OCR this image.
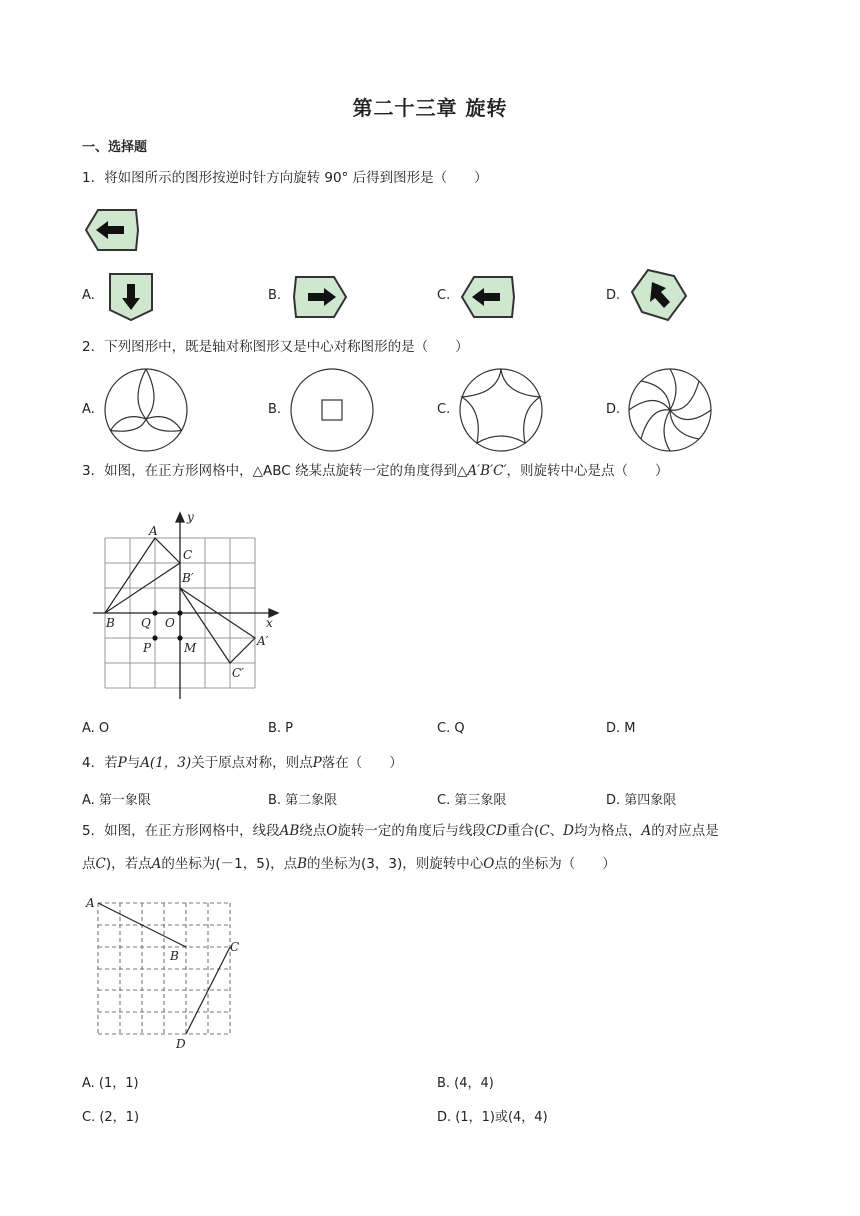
第二十三章 旋转
一、选择题
1．将如图所示的图形按逆时针方向旋转 90° 后得到图形是（　　）
A.	B.	C.	D.
2．下列图形中，既是轴对称图形又是中心对称图形的是（　　）
A.	B.	C.	D.
3．如图，在正方形网格中，△ABC 绕某点旋转一定的角度得到△A′B′C′，则旋转中心是点（　　）
y
x
A
C
B′
B Q O
A′
P	M
C′
A. O	B. P	C. Q	D. M
4．若P与A(1，3)关于原点对称，则点P落在（　　）
A. 第一象限	B. 第二象限	C. 第三象限	D. 第四象限
5．如图，在正方形网格中，线段AB绕点O旋转一定的角度后与线段CD重合(C、D均为格点，A的对应点是
点C)，若点A的坐标为(－1，5)，点B的坐标为(3，3)，则旋转中心O点的坐标为（　　）
A
B
C
D
A. (1，1)	B. (4，4)
C. (2，1)	D. (1，1)或(4，4)
